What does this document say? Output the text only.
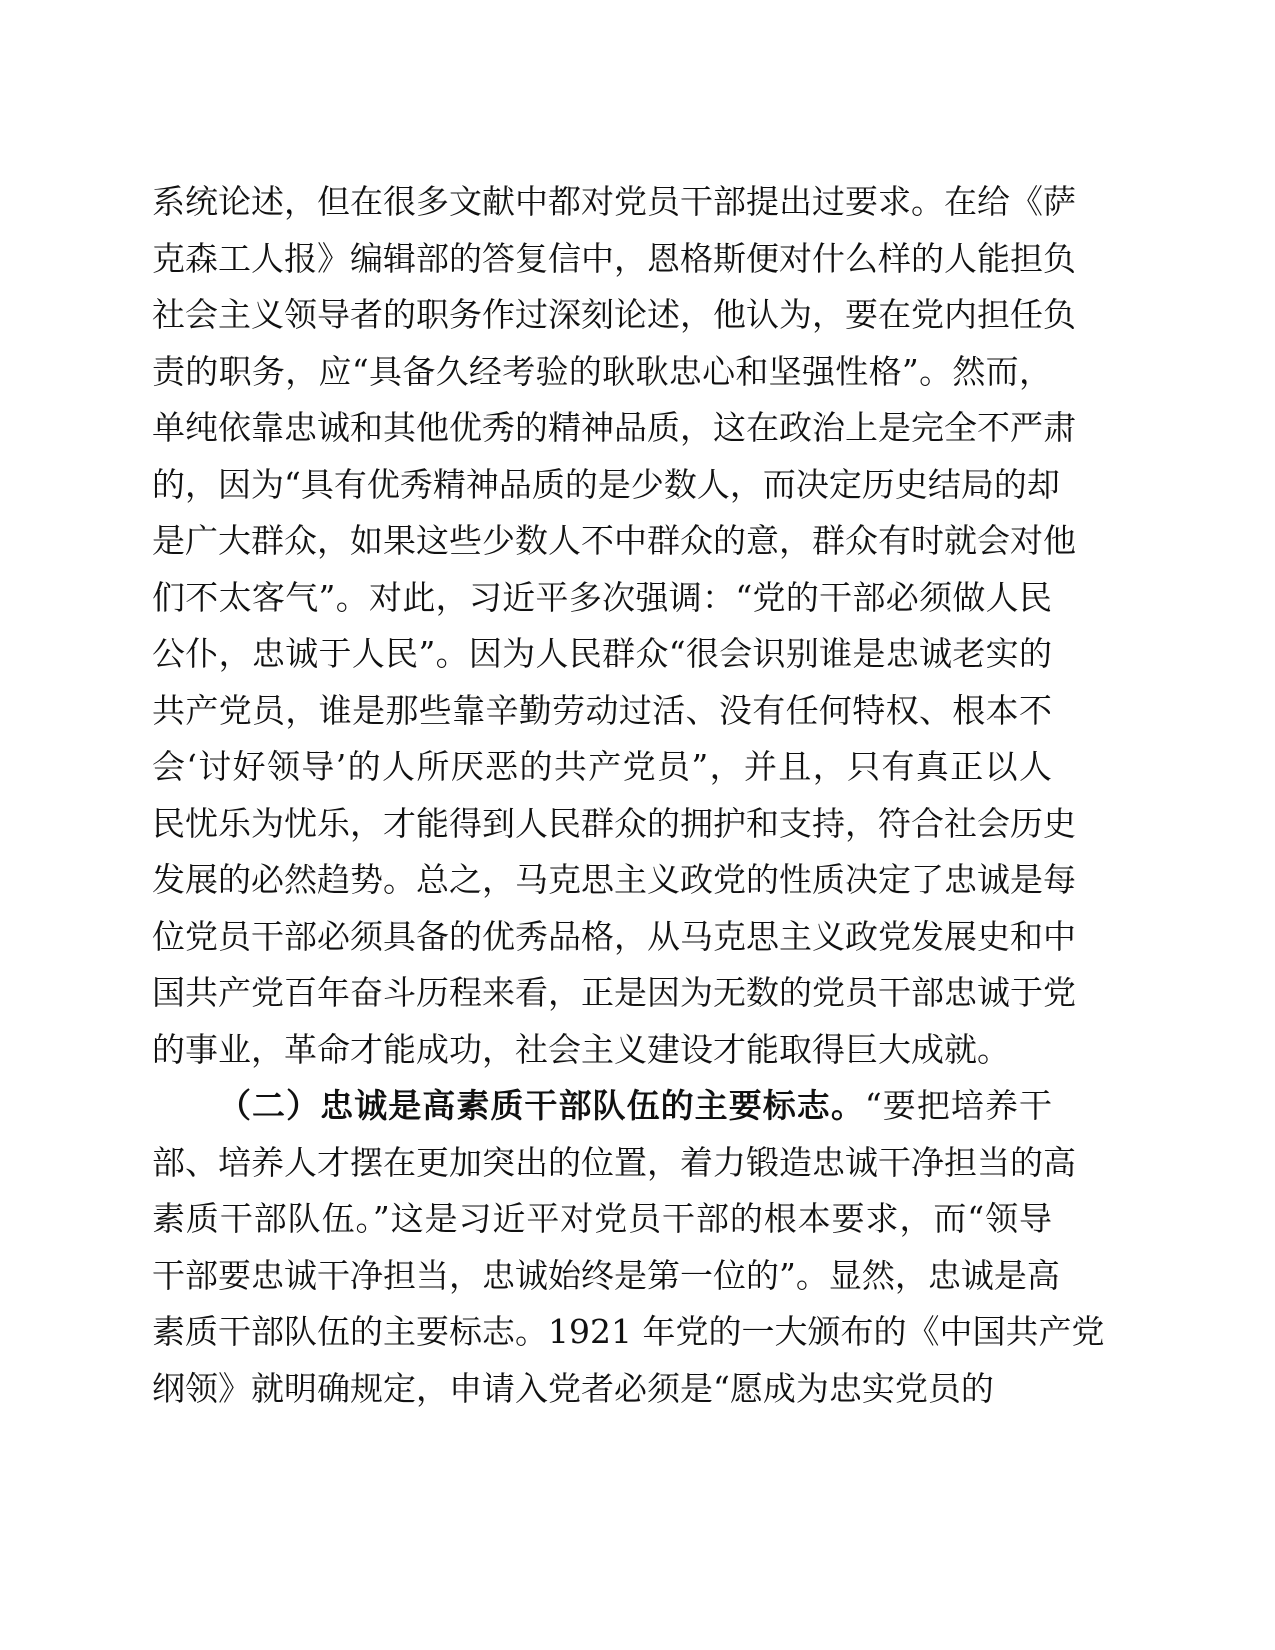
系统论述，但在很多文献中都对党员干部提出过要求。在给《萨
克森工人报》编辑部的答复信中，恩格斯便对什么样的人能担负
社会主义领导者的职务作过深刻论述，他认为，要在党内担任负
责的职务，应“具备久经考验的耿耿忠心和坚强性格”。然而，
单纯依靠忠诚和其他优秀的精神品质，这在政治上是完全不严肃
的，因为“具有优秀精神品质的是少数人，而决定历史结局的却
是广大群众，如果这些少数人不中群众的意，群众有时就会对他
们不太客气”。对此，习近平多次强调：“党的干部必须做人民
公仆，忠诚于人民”。因为人民群众“很会识别谁是忠诚老实的
共产党员，谁是那些靠辛勤劳动过活、没有任何特权、根本不
会‘讨好领导’的人所厌恶的共产党员”，并且，只有真正以人
民忧乐为忧乐，才能得到人民群众的拥护和支持，符合社会历史
发展的必然趋势。总之，马克思主义政党的性质决定了忠诚是每
位党员干部必须具备的优秀品格，从马克思主义政党发展史和中
国共产党百年奋斗历程来看，正是因为无数的党员干部忠诚于党
的事业，革命才能成功，社会主义建设才能取得巨大成就。
（二）忠诚是高素质干部队伍的主要标志。“要把培养干
部、培养人才摆在更加突出的位置，着力锻造忠诚干净担当的高
素质干部队伍。”这是习近平对党员干部的根本要求，而“领导
干部要忠诚干净担当，忠诚始终是第一位的”。显然，忠诚是高
素质干部队伍的主要标志。1921 年党的一大颁布的《中国共产党
纲领》就明确规定，申请入党者必须是“愿成为忠实党员的
